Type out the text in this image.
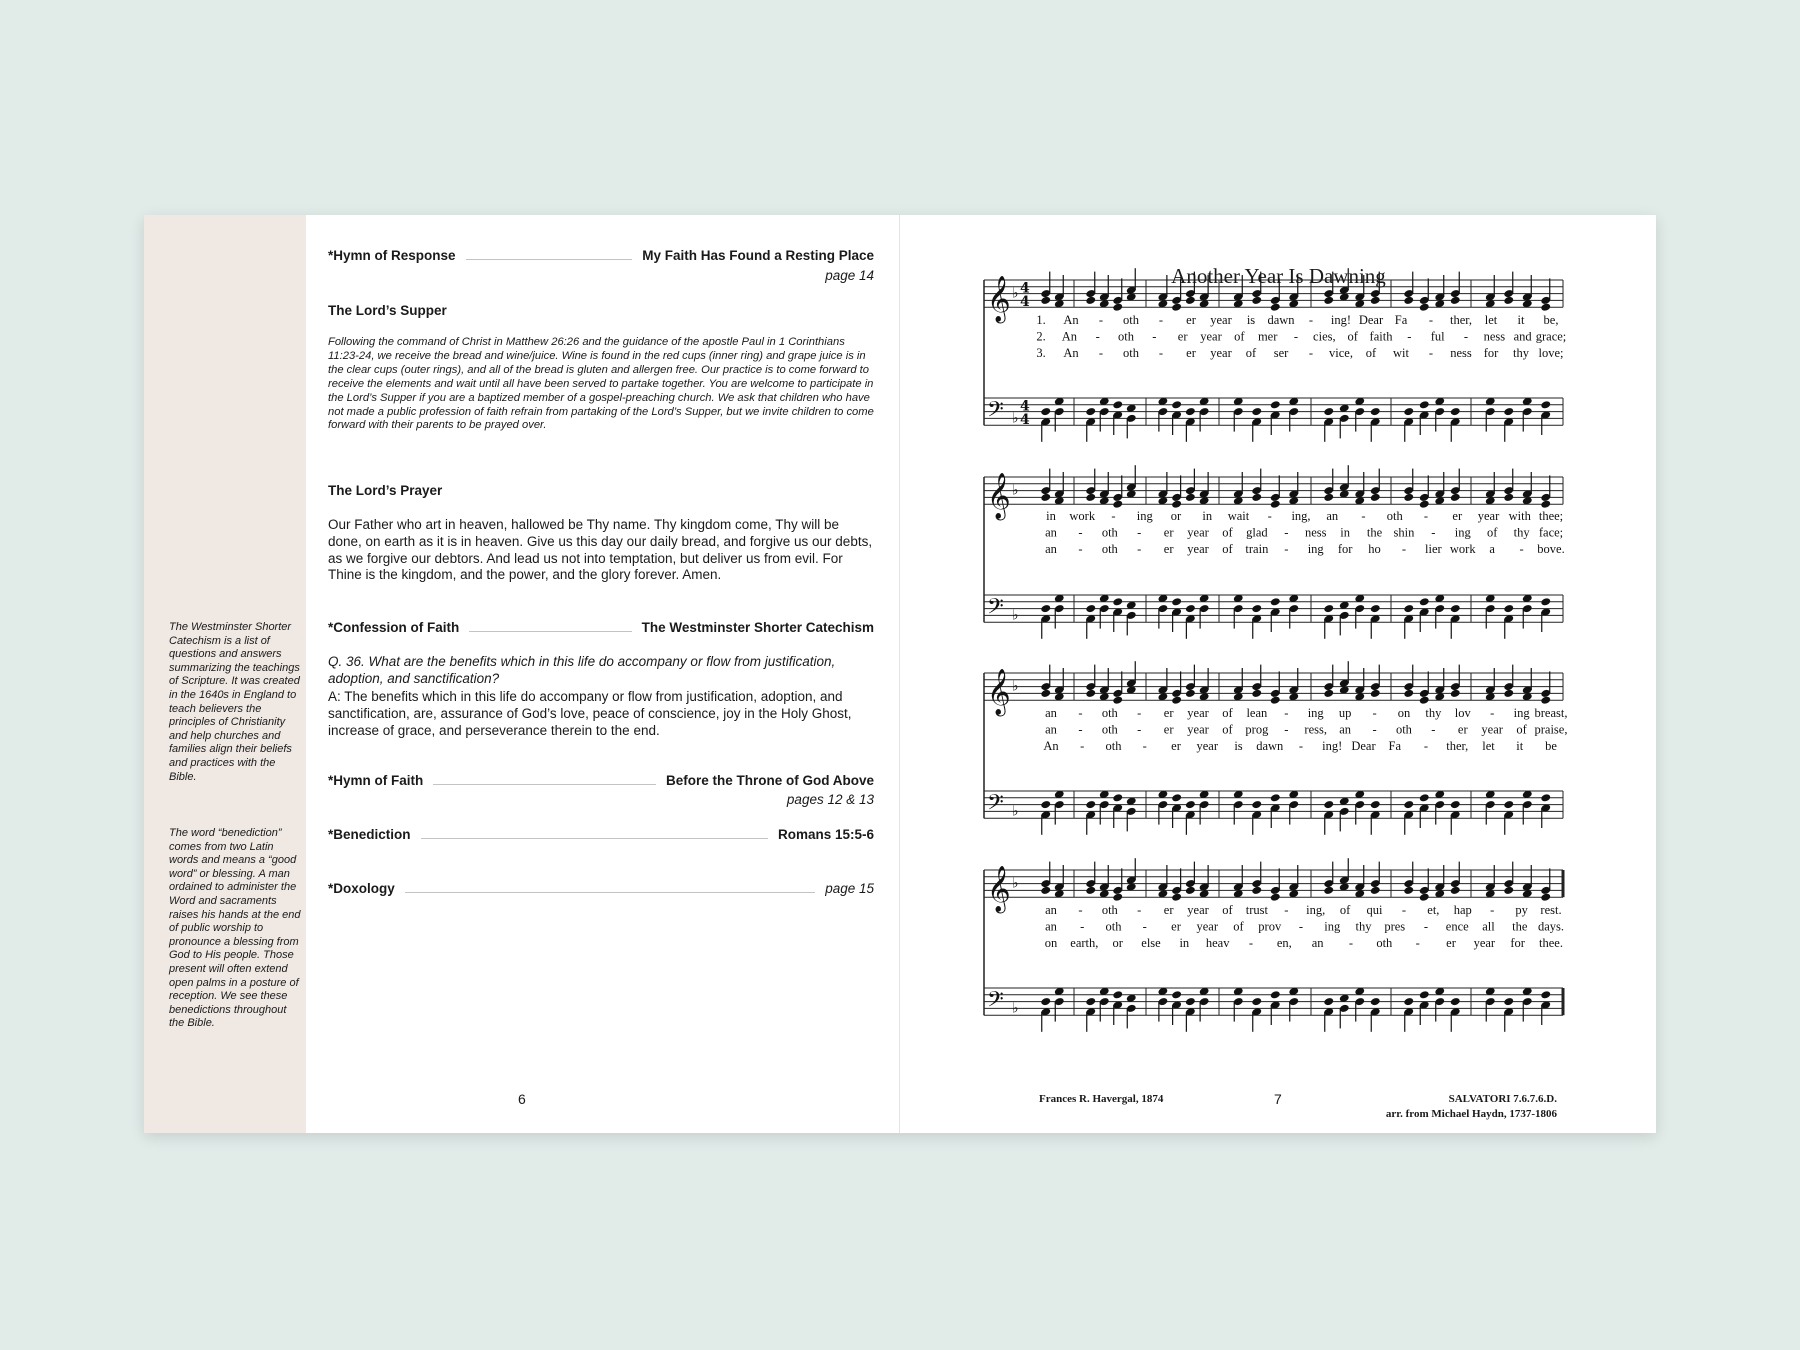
The Westminster Shorter Catechism is a list of questions and answers summarizing the teachings of Scripture. It was created in the 1640s in England to teach believers the principles of Christianity and help churches and families align their beliefs and practices with the Bible.
The word “benediction” comes from two Latin words and means a “good word” or blessing. A man ordained to administer the Word and sacraments raises his hands at the end of public worship to pronounce a blessing from God to His people. Those present will often extend open palms in a posture of reception. We see these benedictions throughout the Bible.
*Hymn of Response	My Faith Has Found a Resting Place
page 14
The Lord’s Supper
Following the command of Christ in Matthew 26:26 and the guidance of the apostle Paul in 1 Corinthians 11:23-24, we receive the bread and wine/juice. Wine is found in the red cups (inner ring) and grape juice is in the clear cups (outer rings), and all of the bread is gluten and allergen free. Our practice is to come forward to receive the elements and wait until all have been served to partake together. You are welcome to participate in the Lord’s Supper if you are a baptized member of a gospel-preaching church. We ask that children who have not made a public profession of faith refrain from partaking of the Lord’s Supper, but we invite children to come forward with their parents to be prayed over.
The Lord’s Prayer
Our Father who art in heaven, hallowed be Thy name. Thy kingdom come, Thy will be done, on earth as it is in heaven. Give us this day our daily bread, and forgive us our debts, as we forgive our debtors. And lead us not into temptation, but deliver us from evil. For Thine is the kingdom, and the power, and the glory forever. Amen.
*Confession of Faith	The Westminster Shorter Catechism
Q. 36. What are the benefits which in this life do accompany or flow from justification, adoption, and sanctification?
A: The benefits which in this life do accompany or flow from justification, adoption, and sanctification, are, assurance of God’s love, peace of conscience, joy in the Holy Ghost, increase of grace, and perseverance therein to the end.
*Hymn of Faith	Before the Throne of God Above
pages 12 & 13
*Benediction	Romans 15:5-6
*Doxology	page 15
6
Another Year Is Dawning
𝄞 ♭
𝄢 ♭
4
4
4
4
1. An - oth - er year is dawn - ing! Dear Fa - ther, let it be,
2. An - oth - er year of mer - cies, of faith - ful - ness and grace;
3. An - oth - er year of ser - vice, of wit - ness for thy love;
𝄞 ♭
𝄢 ♭
in work - ing or in wait - ing, an - oth - er year with thee;
an - oth - er year of glad - ness in the shin - ing of thy face;
an - oth - er year of train - ing for ho - lier work a - bove.
𝄞 ♭
𝄢 ♭
an - oth - er year of lean - ing up - on thy lov - ing breast,
an - oth - er year of prog - ress, an - oth - er year of praise,
An - oth - er year is dawn - ing! Dear Fa - ther, let it be
𝄞 ♭
𝄢 ♭
an - oth - er year of trust - ing, of qui - et, hap - py rest.
an - oth - er year of prov - ing thy pres - ence all the days.
on earth, or else in heav - en, an - oth - er year for thee.
Frances R. Havergal, 1874	SALVATORI 7.6.7.6.D.
arr. from Michael Haydn, 1737-1806
7
